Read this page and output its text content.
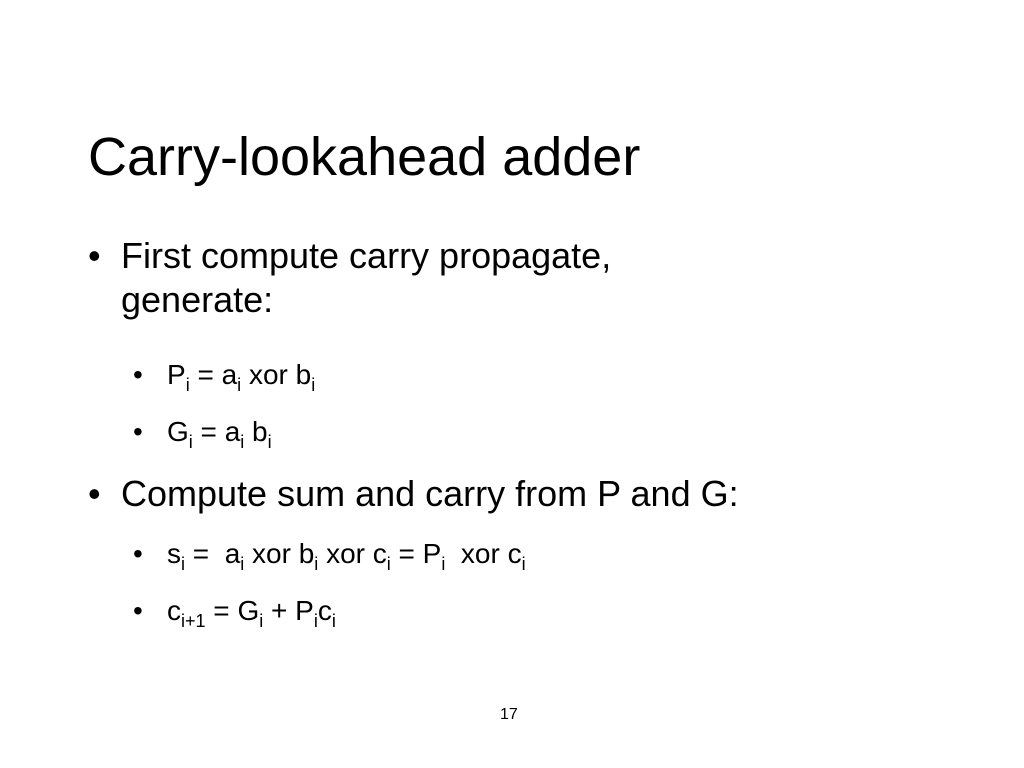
Carry-lookahead adder
• First compute carry propagate,
generate:
• $P_i = a_i$ xor $b_i$
• $G_i = a_i$ $b_i$
• Compute sum and carry from P and G:
• $s_i = a_i$ xor $b_i$ xor $c_i = P_i$  xor $c_i$
• $c_{i+1} = G_i + P_ic_i$
17
